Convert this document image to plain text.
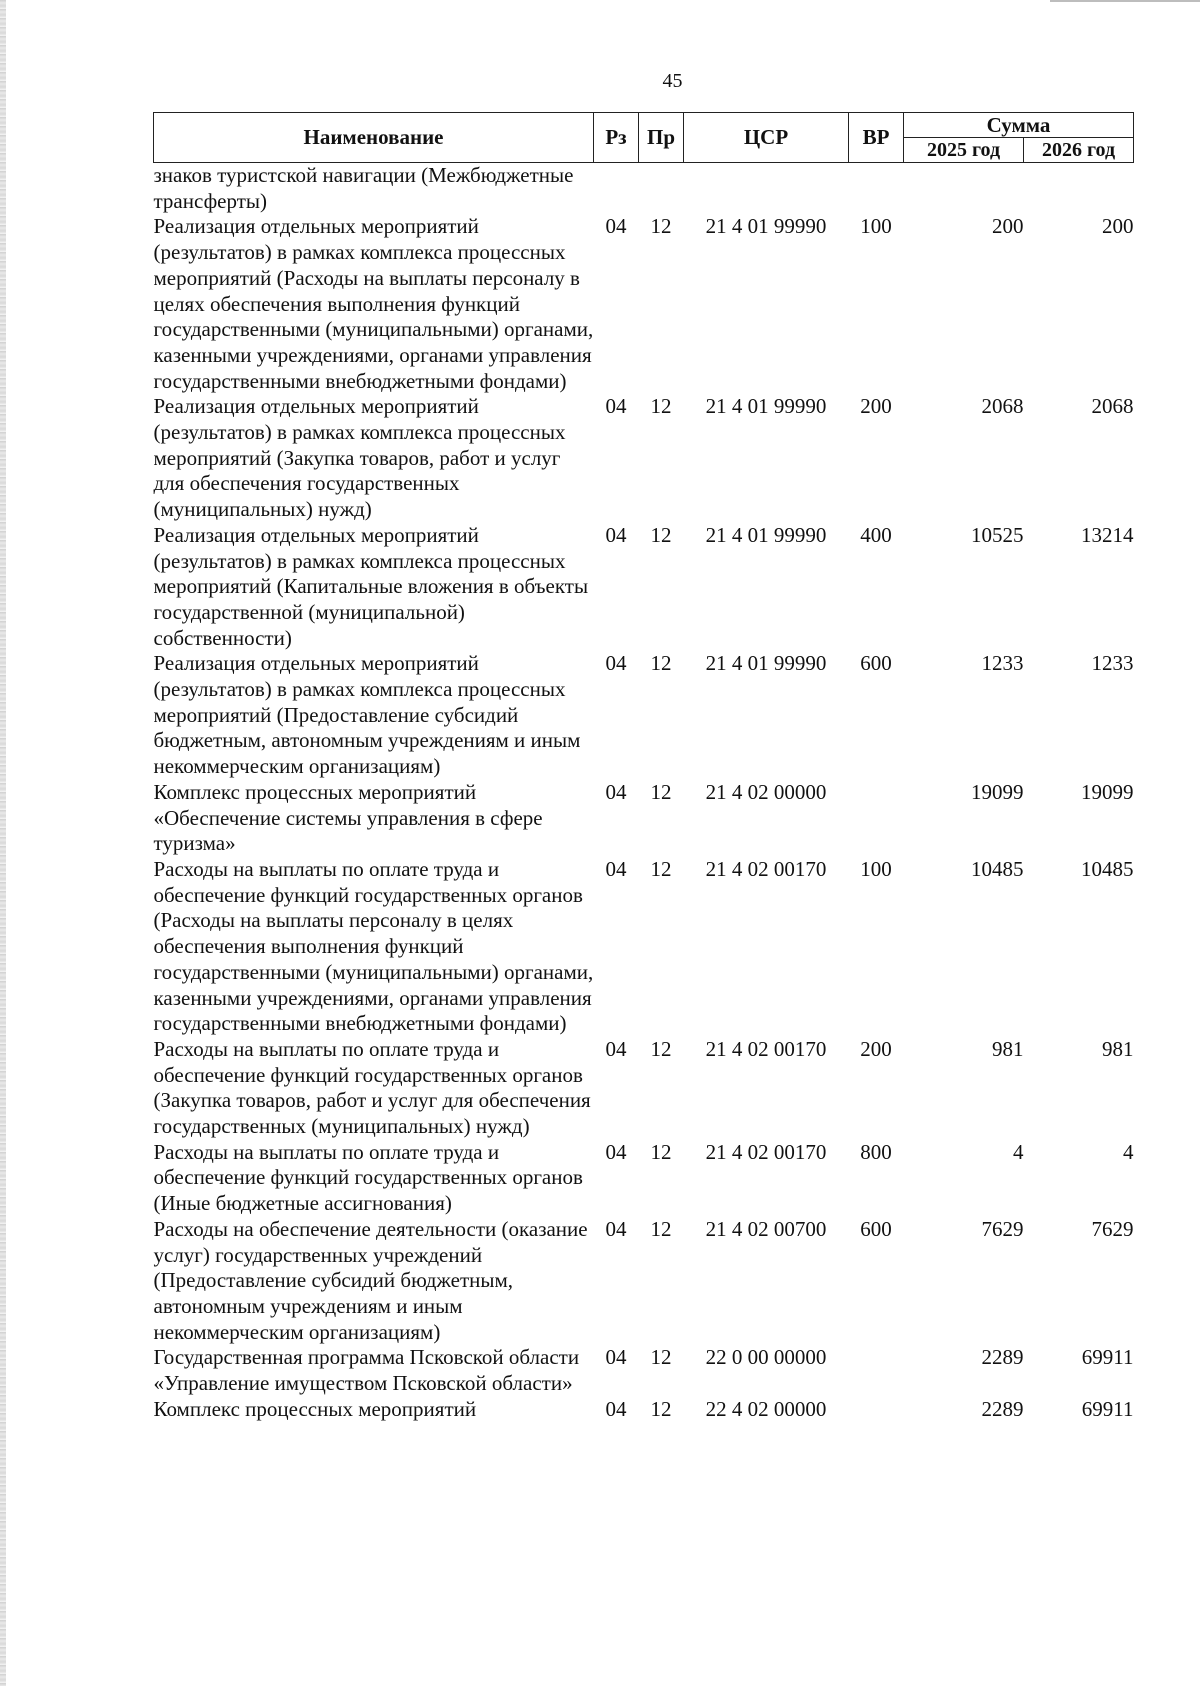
45
Наименование	Рз	Пр	ЦСР	ВР	Сумма	
					2025 год	2026 год
знаков туристской навигации (Межбюджетные трансферты)						
Реализация отдельных мероприятий (результатов) в рамках комплекса процессных мероприятий (Расходы на выплаты персоналу в целях обеспечения выполнения функций государственными (муниципальными) органами, казенными учреждениями, органами управления государственными внебюджетными фондами)	04	12	21 4 01 99990	100	200	200
Реализация отдельных мероприятий (результатов) в рамках комплекса процессных мероприятий (Закупка товаров, работ и услуг для обеспечения государственных (муниципальных) нужд)	04	12	21 4 01 99990	200	2068	2068
Реализация отдельных мероприятий (результатов) в рамках комплекса процессных мероприятий (Капитальные вложения в объекты государственной (муниципальной) собственности)	04	12	21 4 01 99990	400	10525	13214
Реализация отдельных мероприятий (результатов) в рамках комплекса процессных мероприятий (Предоставление субсидий бюджетным, автономным учреждениям и иным некоммерческим организациям)	04	12	21 4 01 99990	600	1233	1233
Комплекс процессных мероприятий «Обеспечение системы управления в сфере туризма»	04	12	21 4 02 00000		19099	19099
Расходы на выплаты по оплате труда и обеспечение функций государственных органов (Расходы на выплаты персоналу в целях обеспечения выполнения функций государственными (муниципальными) органами, казенными учреждениями, органами управления государственными внебюджетными фондами)	04	12	21 4 02 00170	100	10485	10485
Расходы на выплаты по оплате труда и обеспечение функций государственных органов (Закупка товаров, работ и услуг для обеспечения государственных (муниципальных) нужд)	04	12	21 4 02 00170	200	981	981
Расходы на выплаты по оплате труда и обеспечение функций государственных органов (Иные бюджетные ассигнования)	04	12	21 4 02 00170	800	4	4
Расходы на обеспечение деятельности (оказание услуг) государственных учреждений (Предоставление субсидий бюджетным, автономным учреждениям и иным некоммерческим организациям)	04	12	21 4 02 00700	600	7629	7629
Государственная программа Псковской области «Управление имуществом Псковской области»	04	12	22 0 00 00000		2289	69911
Комплекс процессных мероприятий	04	12	22 4 02 00000		2289	69911
